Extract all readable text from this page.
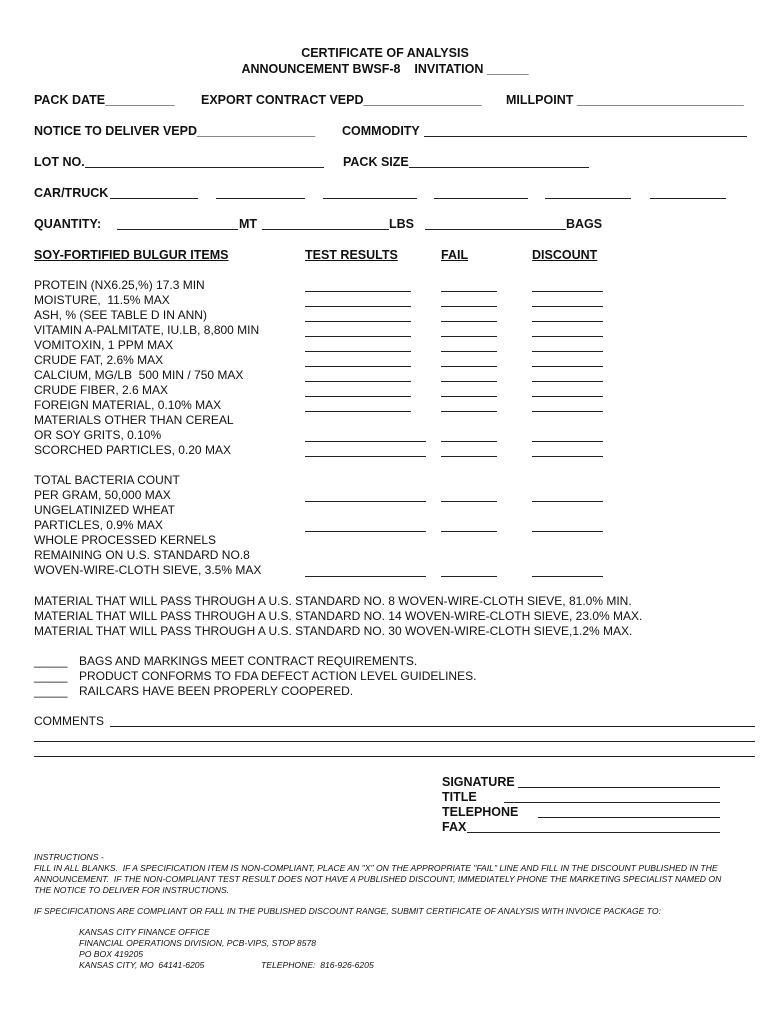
CERTIFICATE OF ANALYSIS
ANNOUNCEMENT BWSF-8    INVITATION ______
PACK DATE__________ EXPORT CONTRACT VEPD_________________ MILLPOINT ________________________
NOTICE TO DELIVER VEPD_________________ COMMODITY
LOT NO.	PACK SIZE
CAR/TRUCK
QUANTITY:	MT	LBS	BAGS
SOY-FORTIFIED BULGUR ITEMS	TEST RESULTS	FAIL	DISCOUNT
PROTEIN (NX6.25,%) 17.3 MIN
MOISTURE,  11.5% MAX
ASH, % (SEE TABLE D IN ANN)
VITAMIN A-PALMITATE, IU.LB, 8,800 MIN
VOMITOXIN, 1 PPM MAX
CRUDE FAT, 2.6% MAX
CALCIUM, MG/LB  500 MIN / 750 MAX
CRUDE FIBER, 2.6 MAX
FOREIGN MATERIAL, 0.10% MAX
MATERIALS OTHER THAN CEREAL
OR SOY GRITS, 0.10%
SCORCHED PARTICLES, 0.20 MAX
TOTAL BACTERIA COUNT
PER GRAM, 50,000 MAX
UNGELATINIZED WHEAT
PARTICLES, 0.9% MAX
WHOLE PROCESSED KERNELS
REMAINING ON U.S. STANDARD NO.8
WOVEN-WIRE-CLOTH SIEVE, 3.5% MAX
MATERIAL THAT WILL PASS THROUGH A U.S. STANDARD NO. 8 WOVEN-WIRE-CLOTH SIEVE, 81.0% MIN.
MATERIAL THAT WILL PASS THROUGH A U.S. STANDARD NO. 14 WOVEN-WIRE-CLOTH SIEVE, 23.0% MAX.
MATERIAL THAT WILL PASS THROUGH A U.S. STANDARD NO. 30 WOVEN-WIRE-CLOTH SIEVE,1.2% MAX.
_____ BAGS AND MARKINGS MEET CONTRACT REQUIREMENTS.
_____ PRODUCT CONFORMS TO FDA DEFECT ACTION LEVEL GUIDELINES.
_____ RAILCARS HAVE BEEN PROPERLY COOPERED.
COMMENTS
SIGNATURE
TITLE
TELEPHONE
FAX
INSTRUCTIONS -
FILL IN ALL BLANKS.  IF A SPECIFICATION ITEM IS NON-COMPLIANT, PLACE AN "X" ON THE APPROPRIATE "FAIL" LINE AND FILL IN THE DISCOUNT PUBLISHED IN THE
ANNOUNCEMENT.  IF THE NON-COMPLIANT TEST RESULT DOES NOT HAVE A PUBLISHED DISCOUNT, IMMEDIATELY PHONE THE MARKETING SPECIALIST NAMED ON
THE NOTICE TO DELIVER FOR INSTRUCTIONS.
IF SPECIFICATIONS ARE COMPLIANT OR FALL IN THE PUBLISHED DISCOUNT RANGE, SUBMIT CERTIFICATE OF ANALYSIS WITH INVOICE PACKAGE TO:
KANSAS CITY FINANCE OFFICE
FINANCIAL OPERATIONS DIVISION, PCB-VIPS, STOP 8578
PO BOX 419205
KANSAS CITY, MO  64141-6205	TELEPHONE:  816-926-6205
